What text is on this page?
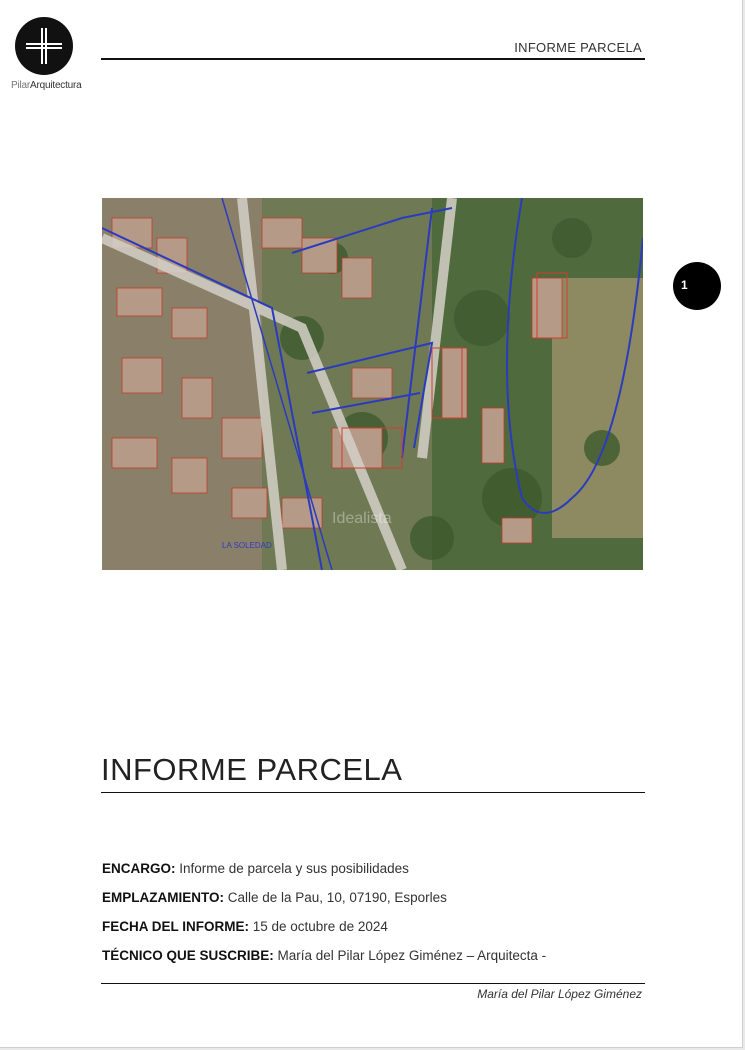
PilarArquitectura
INFORME PARCELA
LA SOLEDAD
Idealista
1
INFORME PARCELA
ENCARGO: Informe de parcela y sus posibilidades
EMPLAZAMIENTO: Calle de la Pau, 10, 07190, Esporles
FECHA DEL INFORME: 15 de octubre de 2024
TÉCNICO QUE SUSCRIBE: María del Pilar López Giménez – Arquitecta -
María del Pilar López Giménez
